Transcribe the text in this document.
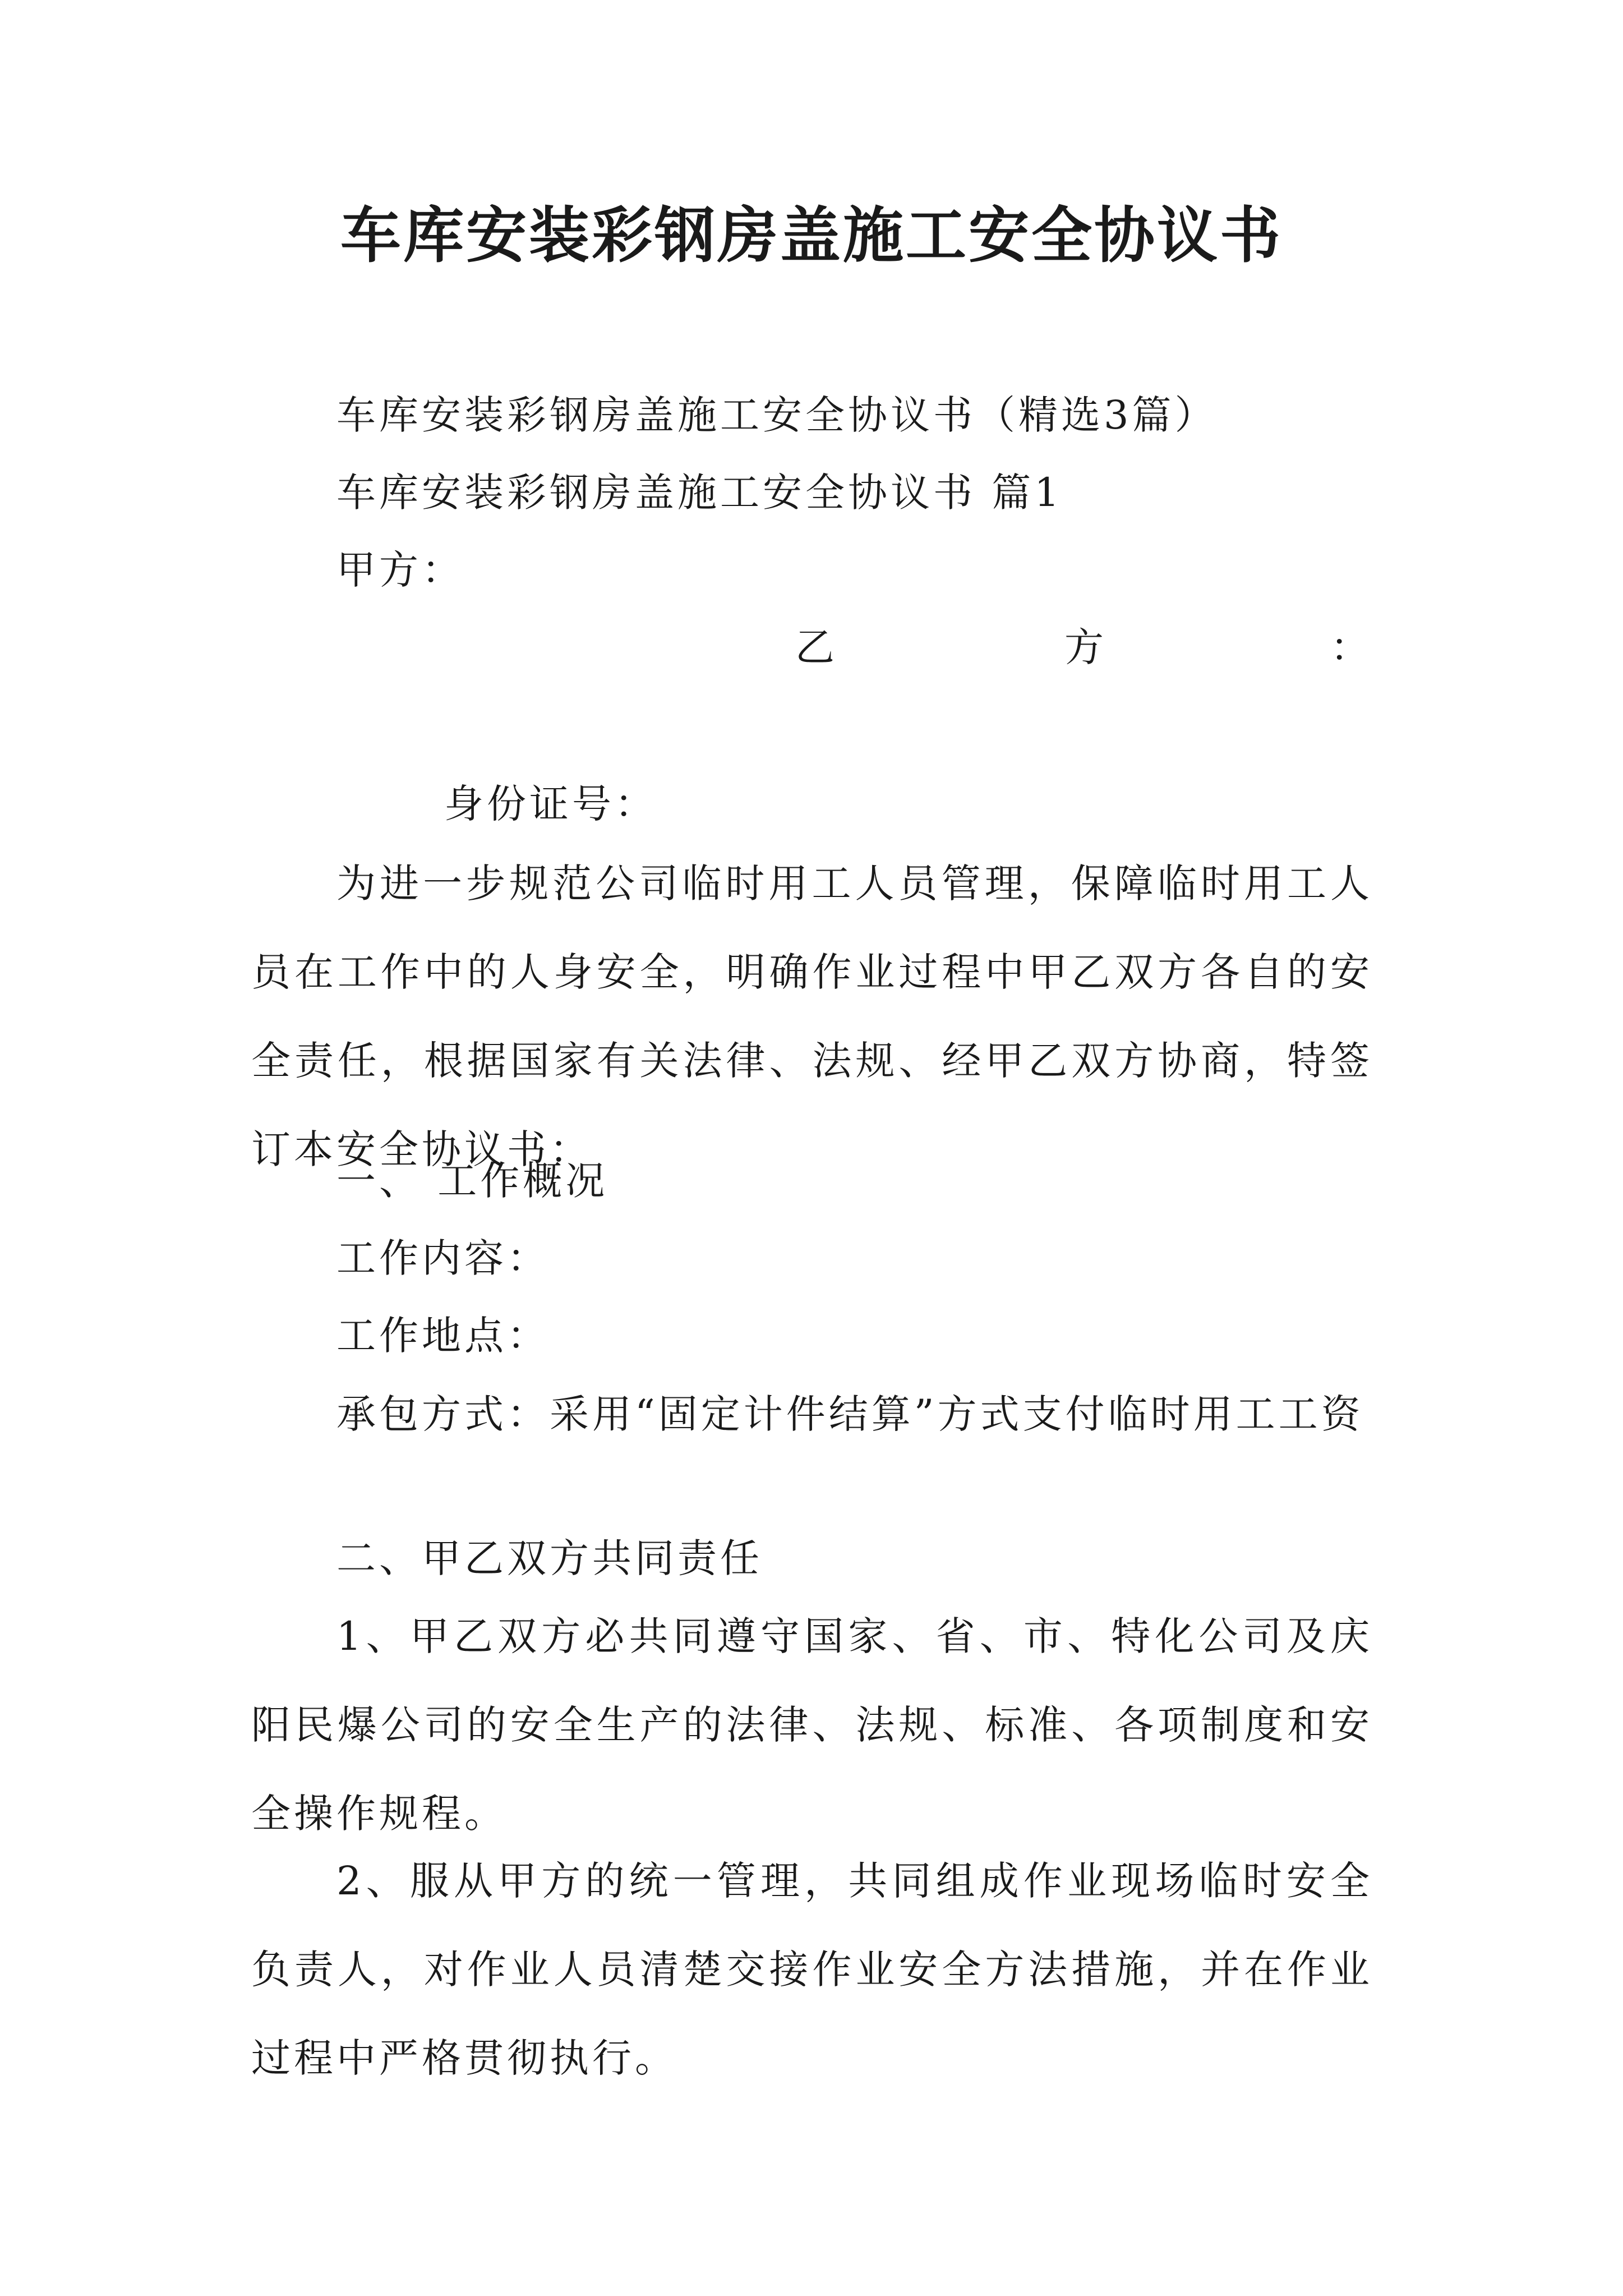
车库安装彩钢房盖施工安全协议书
车库安装彩钢房盖施工安全协议书（精选3篇）
车库安装彩钢房盖施工安全协议书 篇1
甲方：
乙	方	：
身份证号：
为进一步规范公司临时用工人员管理，保障临时用工人员在工作中的人身安全，明确作业过程中甲乙双方各自的安全责任，根据国家有关法律、法规、经甲乙双方协商，特签订本安全协议书：
一、 工作概况
工作内容：
工作地点：
承包方式：采用“固定计件结算”方式支付临时用工工资
二、甲乙双方共同责任
1、甲乙双方必共同遵守国家、省、市、特化公司及庆阳民爆公司的安全生产的法律、法规、标准、各项制度和安全操作规程。
2、服从甲方的统一管理，共同组成作业现场临时安全负责人，对作业人员清楚交接作业安全方法措施，并在作业过程中严格贯彻执行。
